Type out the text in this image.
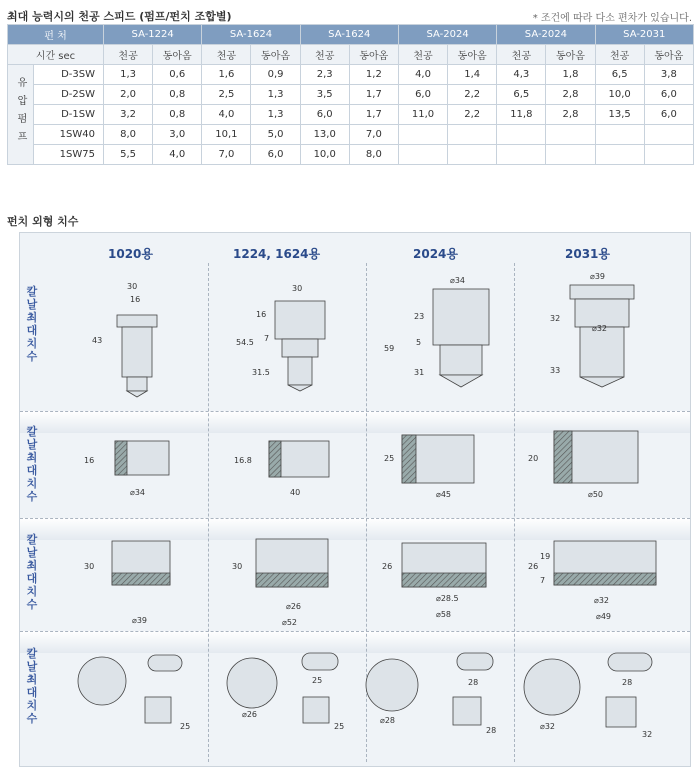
최대 능력시의 천공 스피드 (펌프/펀치 조합별)	* 조건에 따라 다소 편차가 있습니다.
펀 처		SA-1224		SA-1624		SA-1624		SA-2024		SA-2024		SA-2031	
시간 sec		천공	동아옴	천공	동아옴	천공	동아옴	천공	동아옴	천공	동아옴	천공	동아옴
유압펌프	D-3SW	1,3	0,6	1,6	0,9	2,3	1,2	4,0	1,4	4,3	1,8	6,5	3,8
	D-2SW	2,0	0,8	2,5	1,3	3,5	1,7	6,0	2,2	6,5	2,8	10,0	6,0
	D-1SW	3,2	0,8	4,0	1,3	6,0	1,7	11,0	2,2	11,8	2,8	13,5	6,0
	1SW40	8,0	3,0	10,1	5,0	13,0	7,0						
	1SW75	5,5	4,0	7,0	6,0	10,0	8,0						
펀치 외형 치수
1020용	1224, 1624용	2024용	2031용
칼날최대치수
칼날최대치수
칼날최대치수
칼날최대치수
30
16
43
30
16
7
54.5
31.5
⌀34
23
5
59
31
⌀39
32
⌀32
33
16
⌀34
16.8
40
25
⌀45
20
⌀50
30
⌀39
30
⌀26
⌀52
26
⌀28.5
⌀58
26
19
7
⌀32
⌀49
25
25
⌀26
25
28
⌀28
28
28
⌀32
32
